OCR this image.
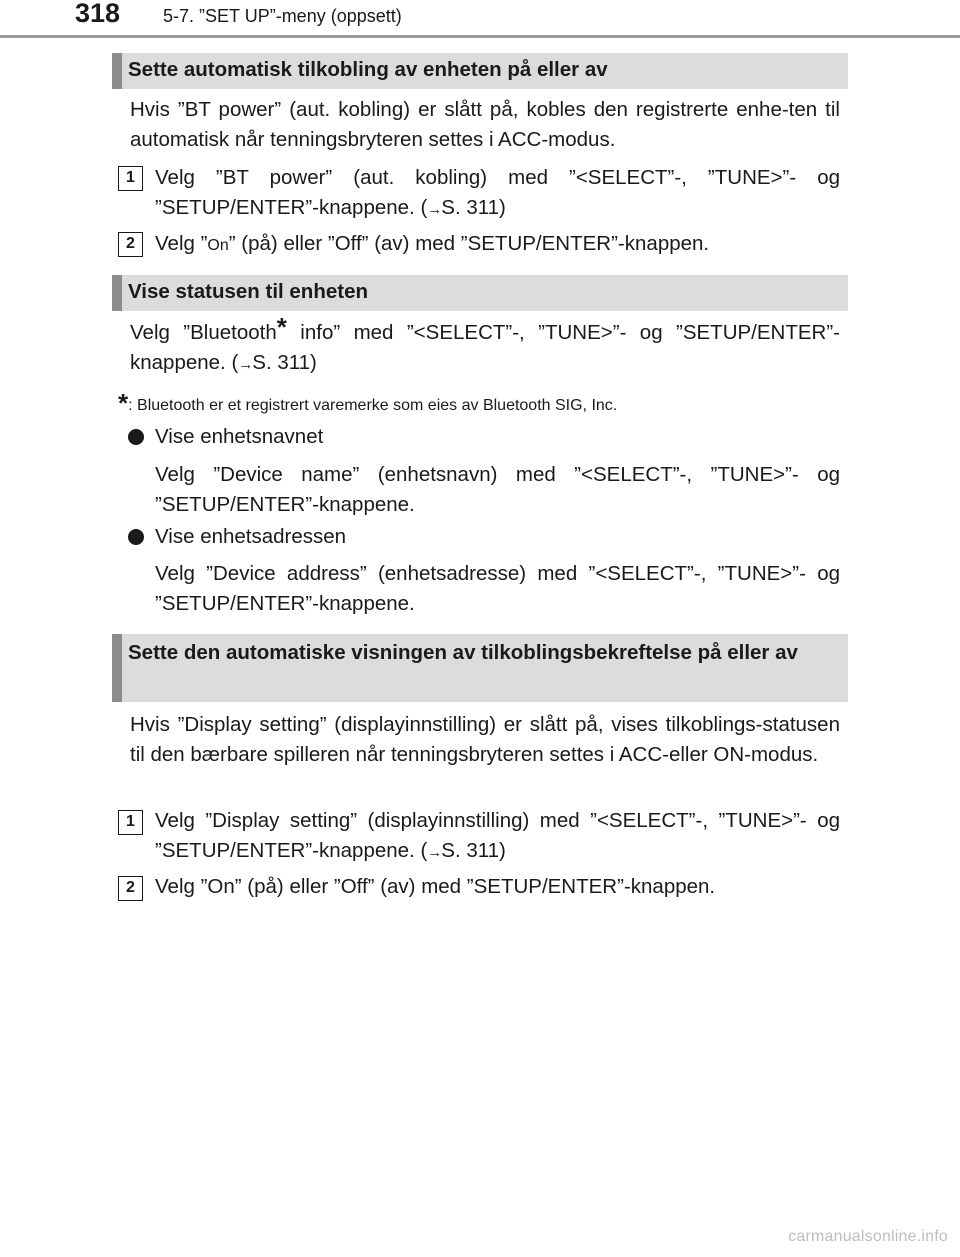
318 5-7. ”SET UP”-meny (oppsett)
Sette automatisk tilkobling av enheten på eller av
Hvis ”BT power” (aut. kobling) er slått på, kobles den registrerte enhe-ten til automatisk når tenningsbryteren settes i ACC-modus.
1 Velg ”BT power” (aut. kobling) med ”<SELECT”-, ”TUNE>”- og ”SETUP/ENTER”-knappene. (→S. 311)
2 Velg ”On” (på) eller ”Off” (av) med ”SETUP/ENTER”-knappen.
Vise statusen til enheten
Velg ”Bluetooth* info” med ”<SELECT”-, ”TUNE>”- og ”SETUP/ENTER”-knappene. (→S. 311)
*: Bluetooth er et registrert varemerke som eies av Bluetooth SIG, Inc.
Vise enhetsnavnet
Velg ”Device name” (enhetsnavn) med ”<SELECT”-, ”TUNE>”- og ”SETUP/ENTER”-knappene.
Vise enhetsadressen
Velg ”Device address” (enhetsadresse) med ”<SELECT”-, ”TUNE>”- og ”SETUP/ENTER”-knappene.
Sette den automatiske visningen av tilkoblingsbekreftelse på eller av
Hvis ”Display setting” (displayinnstilling) er slått på, vises tilkoblings-statusen til den bærbare spilleren når tenningsbryteren settes i ACC-eller ON-modus.
1 Velg ”Display setting” (displayinnstilling) med ”<SELECT”-, ”TUNE>”- og ”SETUP/ENTER”-knappene. (→S. 311)
2 Velg ”On” (på) eller ”Off” (av) med ”SETUP/ENTER”-knappen.
carmanualsonline.info
